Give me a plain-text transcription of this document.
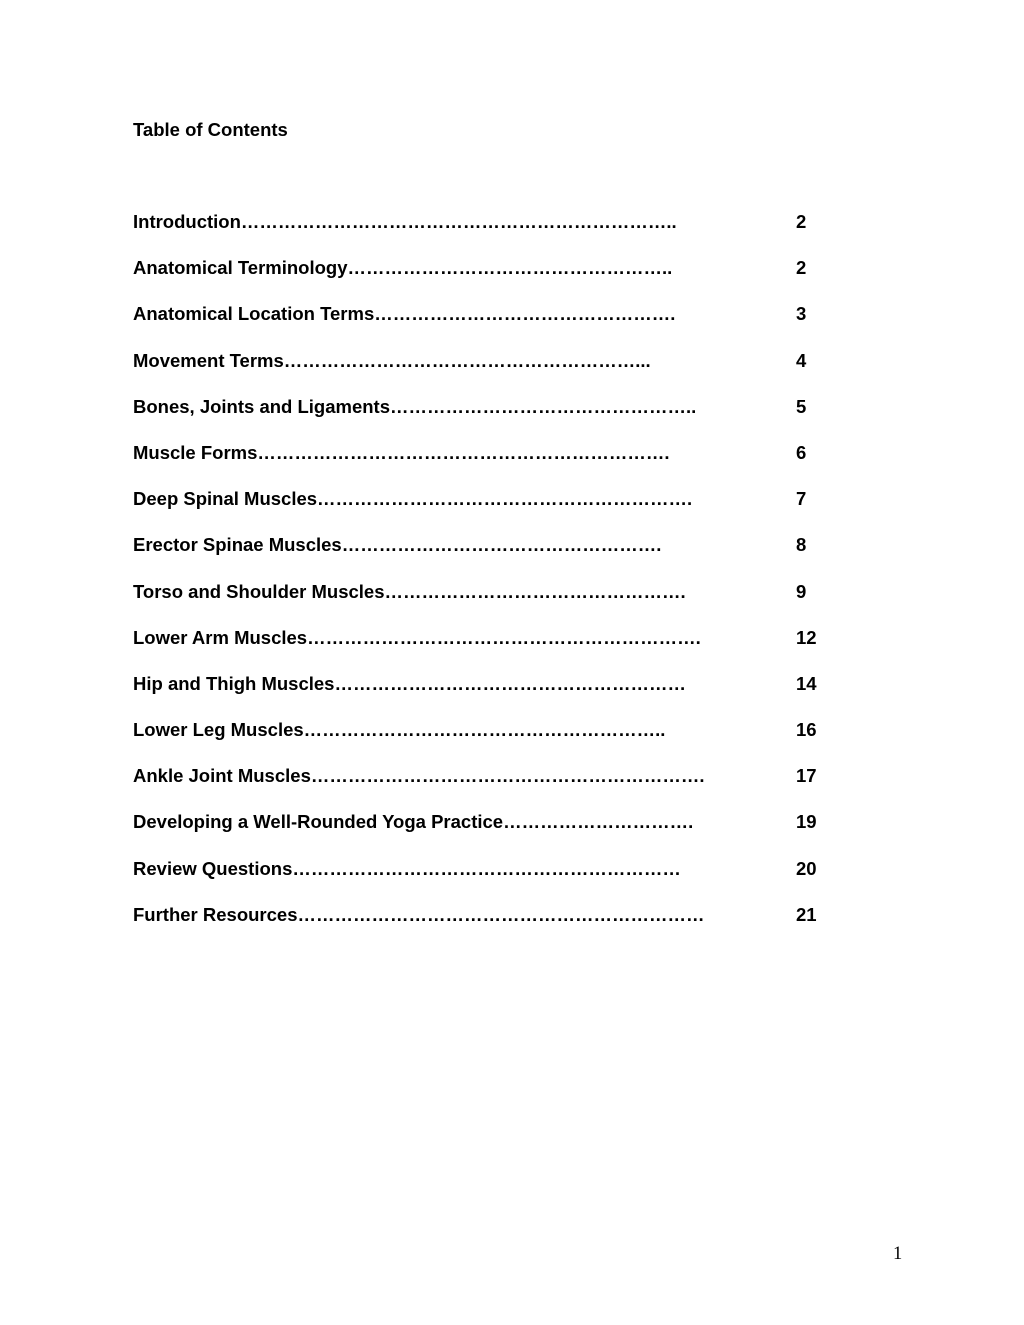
Table of Contents
Introduction……………………………………………………………..	2
Anatomical Terminology……………………………………………..	2
Anatomical Location Terms………………………………………….	3
Movement Terms…………………………………………………...	4
Bones, Joints and Ligaments…………………………………………..	5
Muscle Forms………………………………………………………….	6
Deep Spinal Muscles…………………………………………………….	7
Erector Spinae Muscles…………………………………………….	8
Torso and Shoulder Muscles………………………………………….	9
Lower Arm Muscles……………………………………………………….	12
Hip and Thigh Muscles…………………………………………………	14
Lower Leg Muscles…………………………………………………..	16
Ankle Joint Muscles……………………………………………………….	17
Developing a Well-Rounded Yoga Practice………………………….	19
Review Questions………………………………………………………	20
Further Resources…………………………………………………………	21
1
